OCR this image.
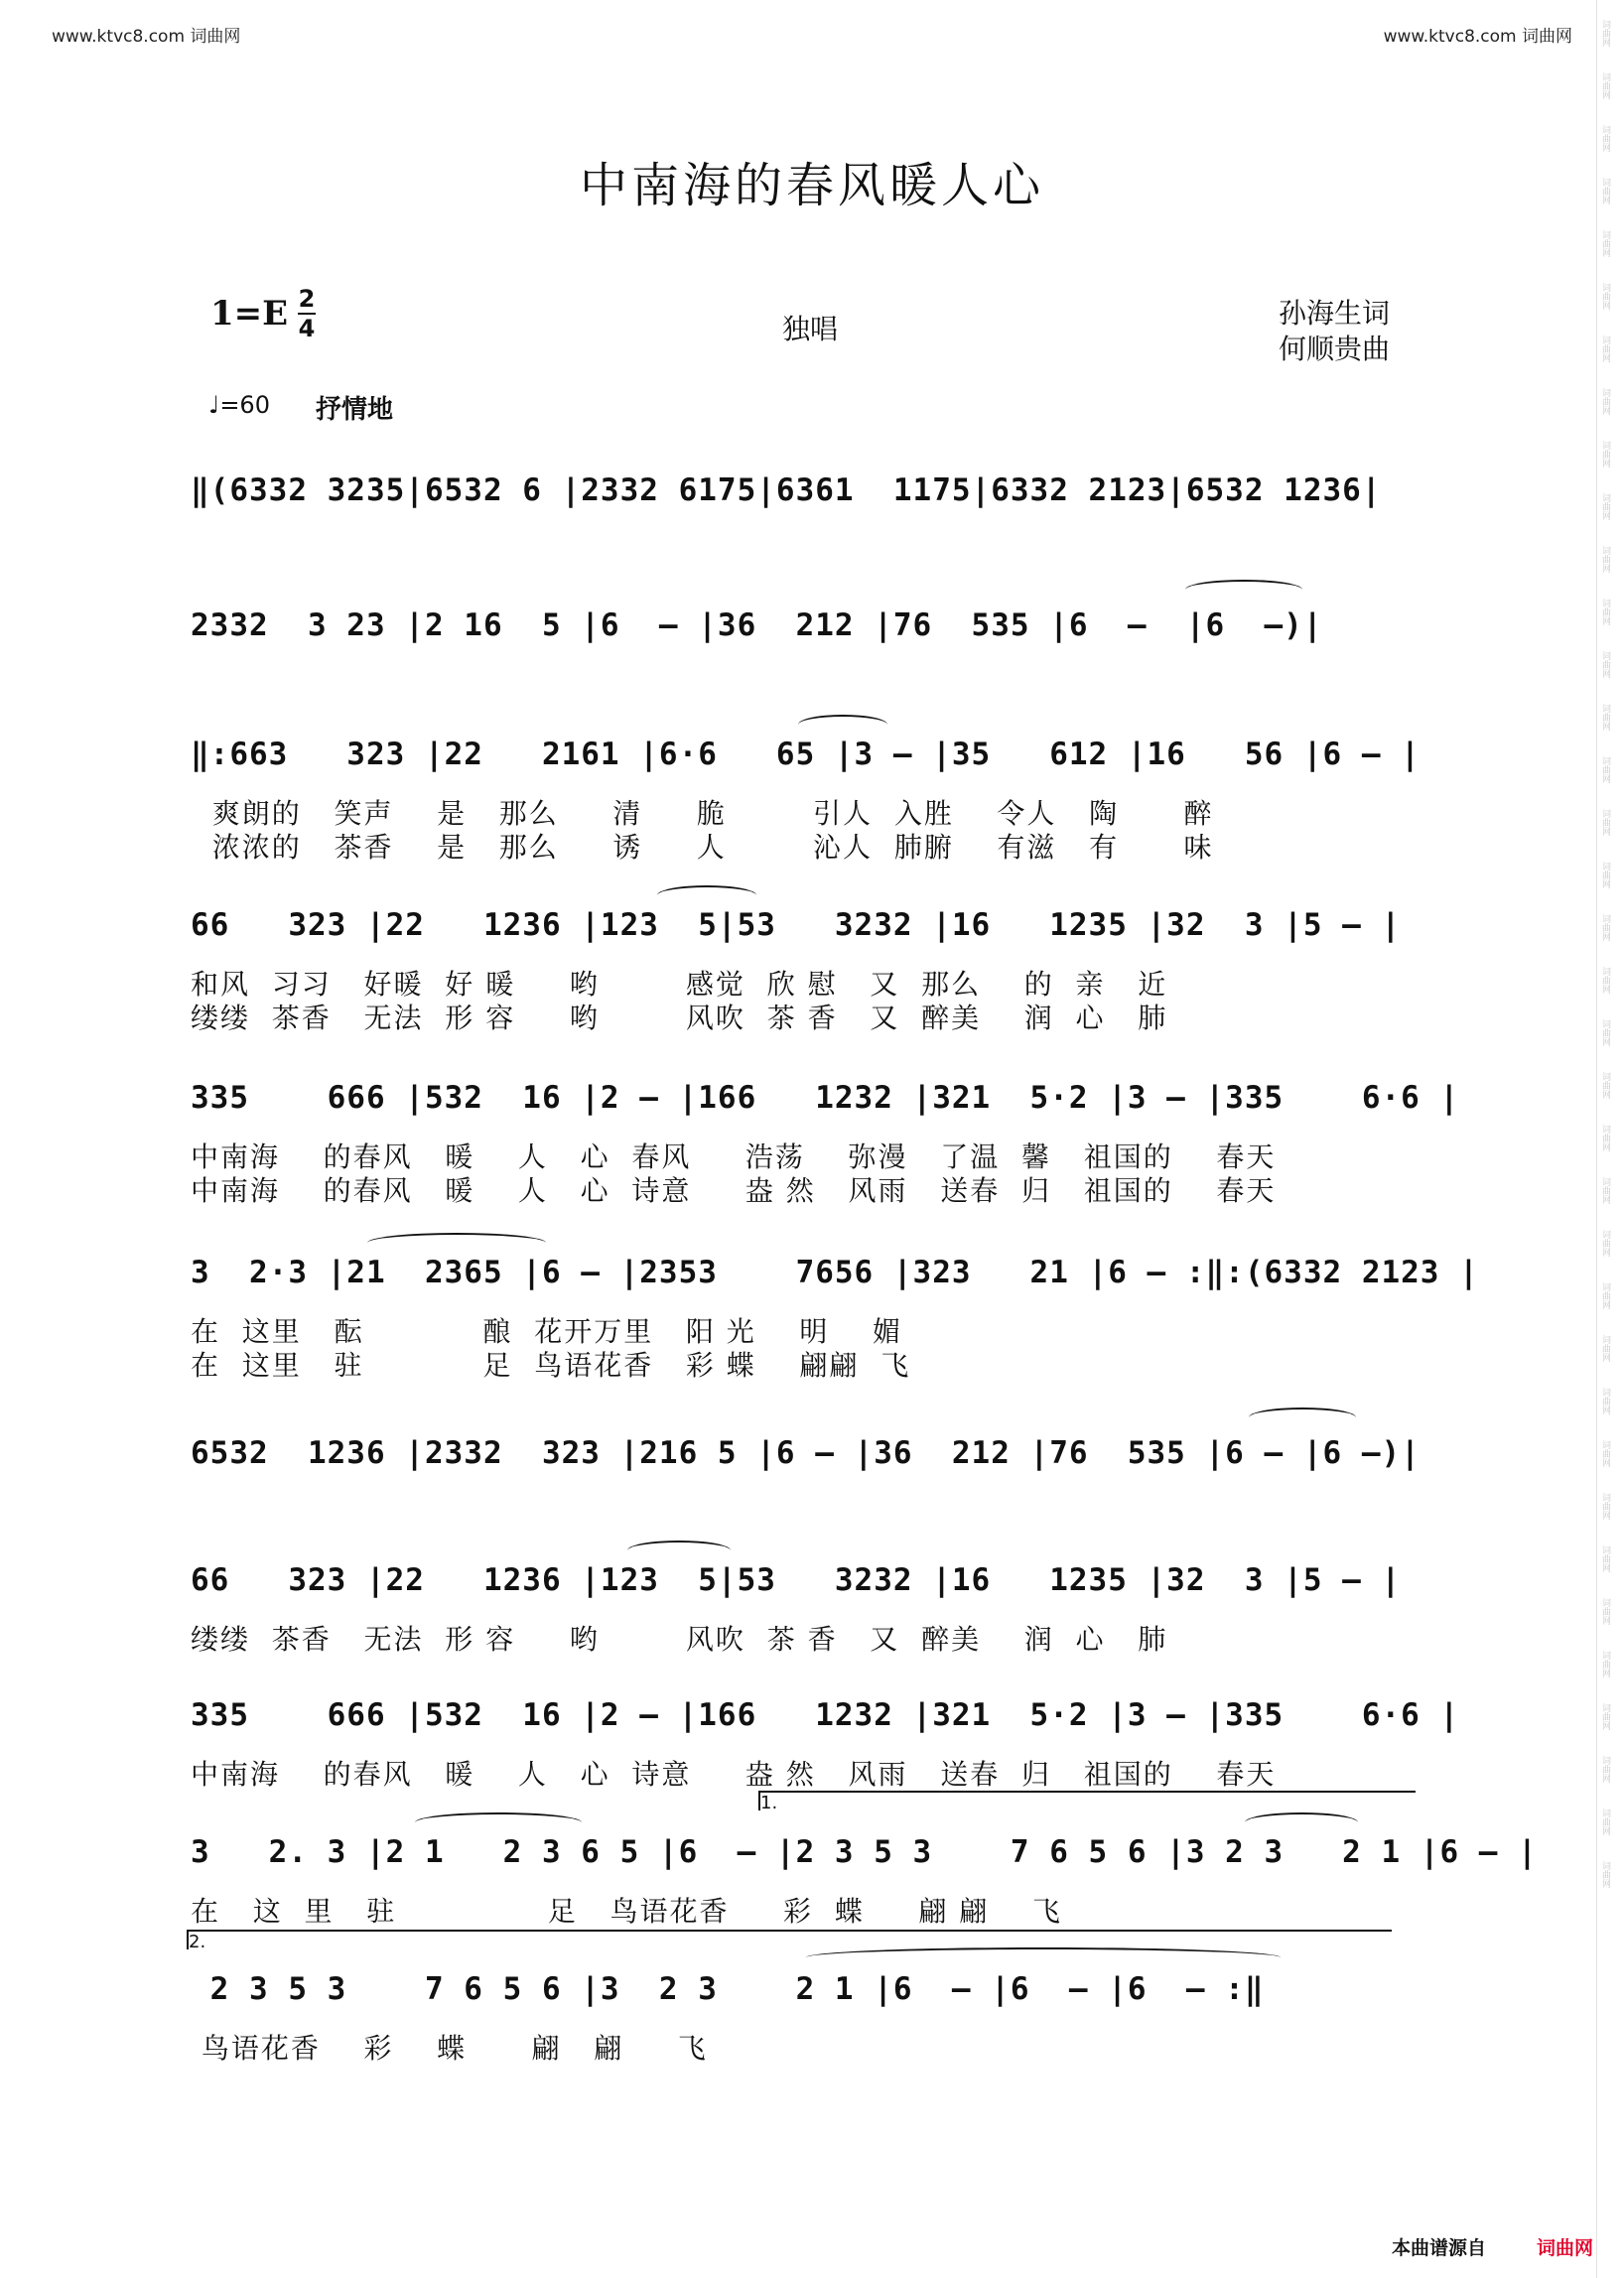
www.ktvc8.com 词曲网	www.ktvc8.com 词曲网	词曲网
词曲网
词曲网
词曲网
词曲网
词曲网
词曲网
词曲网
词曲网
词曲网
词曲网
词曲网
词曲网
词曲网
词曲网
词曲网
词曲网
词曲网
词曲网
词曲网
词曲网
词曲网
词曲网
词曲网
词曲网
词曲网
词曲网
词曲网
词曲网
词曲网
词曲网
词曲网
词曲网
词曲网
词曲网
词曲网
中南海的春风暖人心
1=E 2
4	独唱	孙海生词
何顺贵曲
♩=60 抒情地
‖(6332 3235|6532 6 |2332 6175|6361  1175|6332 2123|6532 1236|
2332  3 23 |2 16  5 |6  – |36  212 |76  535 |6  –  |6  –)|
‖:663   323 |22   2161 |6·6   65 |3 – |35   612 |16   56 |6 – |
爽朗的   笑声    是   那么     清     脆        引人  入胜    令人   陶      醉
浓浓的   茶香    是   那么     诱     人        沁人  肺腑    有滋   有      味
66   323 |22   1236 |123  5|53   3232 |16   1235 |32  3 |5 – |
和风  习习   好暖  好 暖     哟        感觉  欣 慰   又  那么    的  亲   近
缕缕  茶香   无法  形 容     哟        风吹  茶 香   又  醉美    润  心   肺
335    666 |532  16 |2 – |166   1232 |321  5·2 |3 – |335    6·6 |
中南海    的春风   暖    人   心  春风     浩荡    弥漫   了温  馨   祖国的    春天
中南海    的春风   暖    人   心  诗意     盎 然   风雨   送春  归   祖国的    春天
3  2·3 |21  2365 |6 – |2353    7656 |323   21 |6 – :‖:(6332 2123 |
在  这里   酝           酿  花开万里   阳 光    明    媚
在  这里   驻           足  鸟语花香   彩 蝶    翩翩  飞
6532  1236 |2332  323 |216 5 |6 – |36  212 |76  535 |6 – |6 –)|
66   323 |22   1236 |123  5|53   3232 |16   1235 |32  3 |5 – |
缕缕  茶香   无法  形 容     哟        风吹  茶 香   又  醉美    润  心   肺
335    666 |532  16 |2 – |166   1232 |321  5·2 |3 – |335    6·6 |
中南海    的春风   暖    人   心  诗意     盎 然   风雨   送春  归   祖国的    春天
1.
3   2. 3 |2 1   2 3 6 5 |6  – |2 3 5 3    7 6 5 6 |3 2 3   2 1 |6 – |
在   这  里   驻              足   鸟语花香     彩  蝶     翩 翩    飞
2.
2 3 5 3    7 6 5 6 |3  2 3    2 1 |6  – |6  – |6  – :‖
鸟语花香    彩    蝶      翩   翩     飞
本曲谱源自	词曲网
